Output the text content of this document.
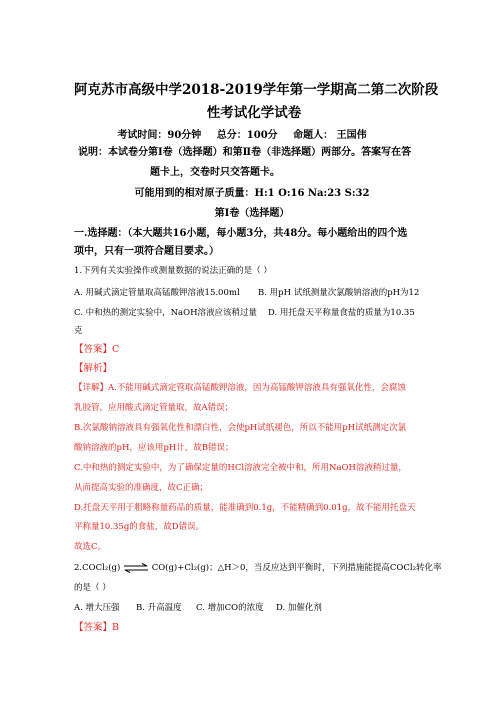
阿克苏市高级中学2018-2019学年第一学期高二第二次阶段
性考试化学试卷
考试时间：90分钟 总分：100分 命题人： 王国伟
说明：本试卷分第Ⅰ卷（选择题）和第Ⅱ卷（非选择题）两部分。答案写在答
题卡上，交卷时只交答题卡。
可能用到的相对原子质量：H:1 O:16 Na:23 S:32
第Ⅰ卷（选择题）
一.选择题：（本大题共16小题，每小题3分，共48分。每小题给出的四个选
项中，只有一项符合题目要求。）
1.下列有关实验操作或测量数据的说法正确的是（ ）
A. 用碱式滴定管量取高锰酸钾溶液15.00ml B. 用pH 试纸测量次氯酸钠溶液的pH为12
C. 中和热的测定实验中，NaOH溶液应该稍过量 D. 用托盘天平称量食盐的质量为10.35
克
【答案】C
【解析】
【详解】A.不能用碱式滴定管取高锰酸钾溶液，因为高锰酸钾溶液具有强氧化性，会腐蚀
乳胶管，应用酸式滴定管量取，故A错误；
B.次氯酸钠溶液具有强氧化性和漂白性，会使pH试纸褪色，所以不能用pH试纸测定次氯
酸钠溶液的pH，应该用pH计，故B错误；
C.中和热的测定实验中，为了确保定量的HCl溶液完全被中和，所用NaOH溶液稍过量，
从而提高实验的准确度，故C正确；
D.托盘天平用于粗略称量药品的质量，能准确到0.1g，不能精确到0.01g，故不能用托盘天
平称量10.35g的食盐，故D错误。
故选C。
2.COCl₂(g) ⇌ CO(g)+Cl₂(g)；△H＞0，当反应达到平衡时，下列措施能提高COCl₂转化率
的是（ ）
A. 增大压强 B. 升高温度 C. 增加CO的浓度 D. 加催化剂
【答案】B
